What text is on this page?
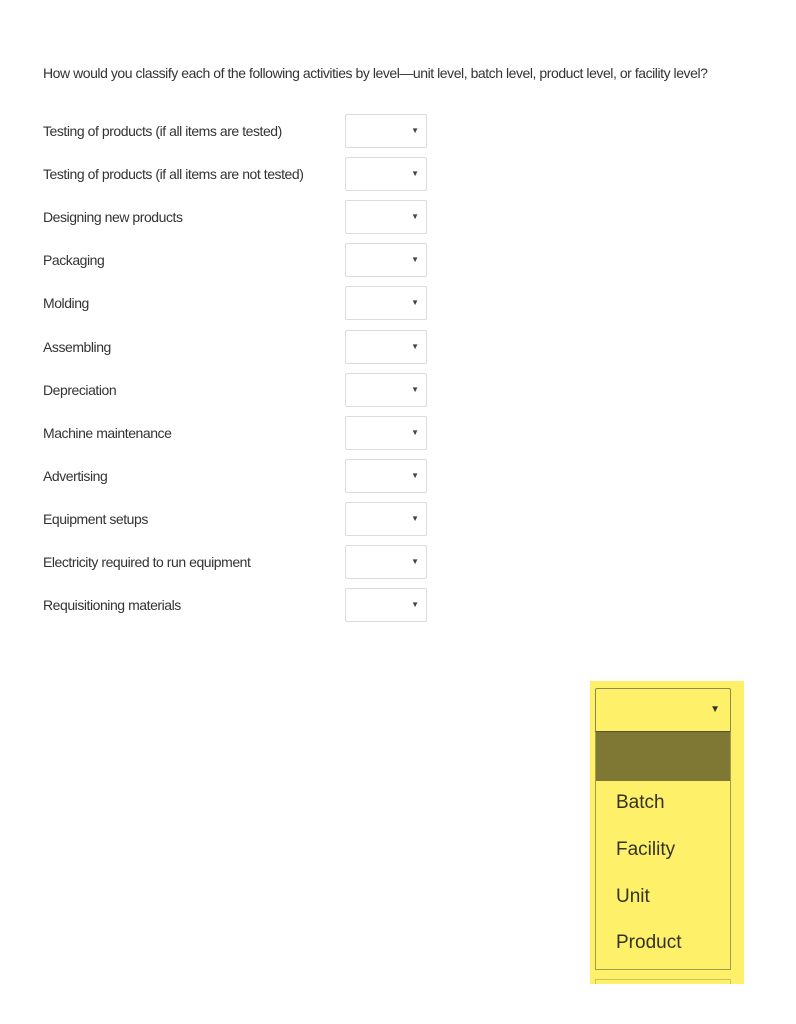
How would you classify each of the following activities by level—unit level, batch level, product level, or facility level?
Testing of products (if all items are tested)	▼
Testing of products (if all items are not tested)	▼
Designing new products	▼
Packaging	▼
Molding	▼
Assembling	▼
Depreciation	▼
Machine maintenance	▼
Advertising	▼
Equipment setups	▼
Electricity required to run equipment	▼
Requisitioning materials	▼
▼
Batch
Facility
Unit
Product
